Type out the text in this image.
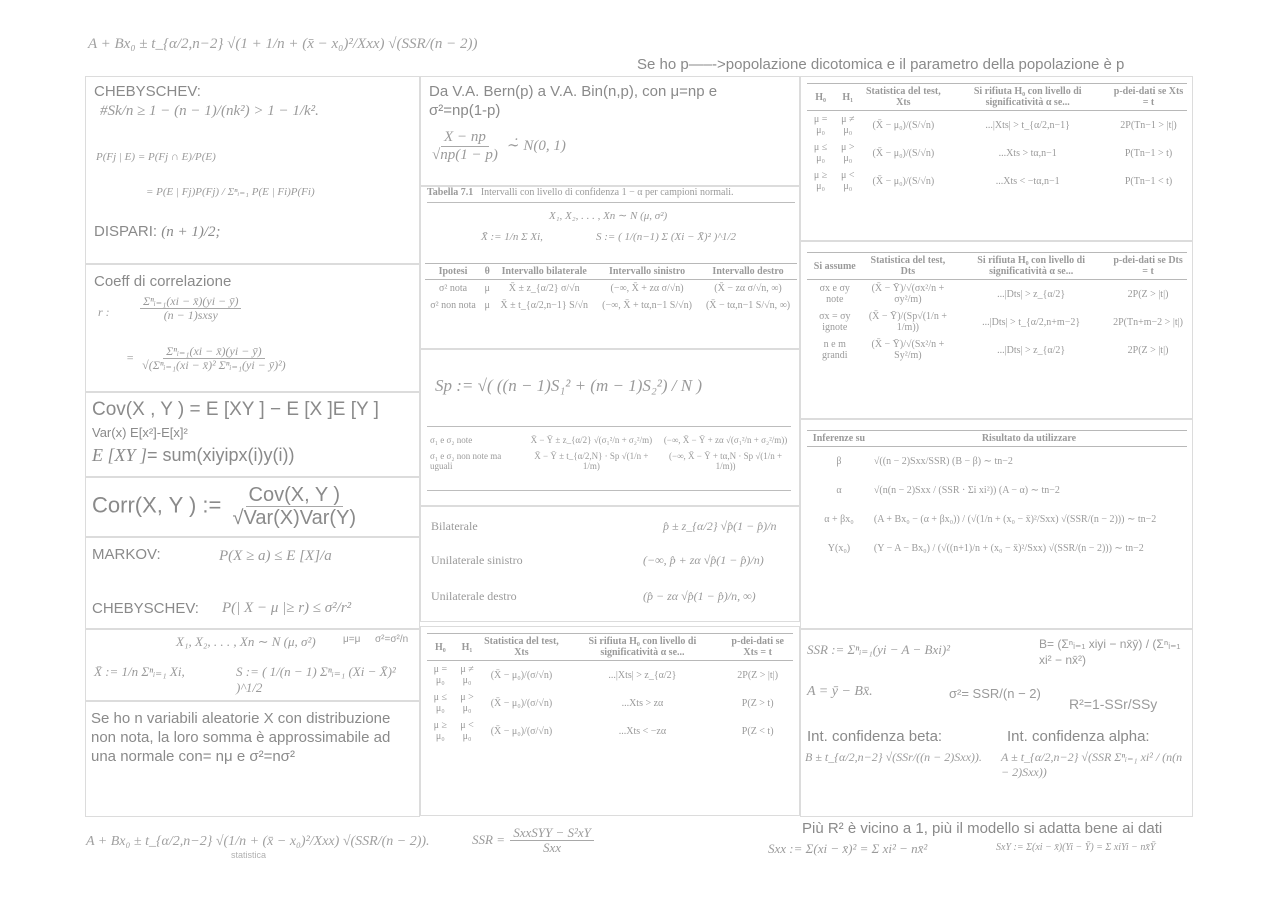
A + Bx₀ ± t_{α/2,n−2} √(1 + 1/n + (x̄ − x₀)²/Xxx) √(SSR/(n − 2))
Se ho p—–->popolazione dicotomica e il parametro della popolazione è p
CHEBYSCHEV:
#Sk/n ≥ 1 − (n − 1)/(nk²) > 1 − 1/k².
P(Fj | E) = P(Fj ∩ E)/P(E)
= P(E | Fj)P(Fj) / Σⁿᵢ₌₁ P(E | Fi)P(Fi)
DISPARI: (n + 1)/2;
Coeff di correlazione
r :
Σⁿᵢ₌₁(xi − x̄)(yi − ȳ)
(n − 1)sxsy
= Σⁿᵢ₌₁(xi − x̄)(yi − ȳ)
√(Σⁿᵢ₌₁(xi − x̄)² Σⁿᵢ₌₁(yi − ȳ)²)
Cov(X , Y ) = E [XY ] − E [X ]E [Y ]
Var(x) E[x²]-E[x]²
E [XY ]= sum(xiyipx(i)y(i))
Corr(X, Y ) := Cov(X, Y )
√Var(X)Var(Y)
MARKOV:	P(X ≥ a) ≤ E [X]/a
CHEBYSCHEV: P(| X − μ |≥ r) ≤ σ²/r²
X₁, X₂, . . . , Xn ∼ N (μ, σ²)	μ=μ σ²=σ²/n
X̄ := 1/n Σⁿᵢ₌₁ Xi,	S := ( 1/(n − 1) Σⁿᵢ₌₁ (Xi − X̄)² )^1/2
Se ho n variabili aleatorie X con distribuzione non nota, la loro somma è approssimabile ad una normale con= nμ e σ²=nσ²
A + Bx₀ ± t_{α/2,n−2} √(1/n + (x̄ − x₀)²/Xxx) √(SSR/(n − 2)).
statistica
Da V.A. Bern(p) a V.A. Bin(n,p), con μ=np e
σ²=np(1-p)
$\frac{X - np}{√np(1 - p)}$ ∼̇ N(0, 1)
Tabella 7.1 Intervalli con livello di confidenza 1 − α per campioni normali.
X₁, X₂, . . . , Xn ∼ N (μ, σ²)
X̄ := 1/n Σ Xi,	S := ( 1/(n−1) Σ (Xi − X̄)² )^1/2
Ipotesi	θ	Intervallo bilaterale	Intervallo sinistro	Intervallo destro
σ² nota	μ	X̄ ± z_{α/2} σ/√n	(−∞, X̄ + zα σ/√n)	(X̄ − zα σ/√n, ∞)
σ² non nota	μ	X̄ ± t_{α/2,n−1} S/√n	(−∞, X̄ + tα,n−1 S/√n)	(X̄ − tα,n−1 S/√n, ∞)
Sp := √( ((n − 1)S₁² + (m − 1)S₂²) / N )
σ₁ e σ₂ note	X̄ − Ȳ ± z_{α/2} √(σ₁²/n + σ₂²/m)	(−∞, X̄ − Ȳ + zα √(σ₁²/n + σ₂²/m))
σ₁ e σ₂ non note ma uguali	X̄ − Ȳ ± t_{α/2,N} · Sp √(1/n + 1/m)	(−∞, X̄ − Ȳ + tα,N · Sp √(1/n + 1/m))
Bilaterale	p̂ ± z_{α/2} √p̂(1 − p̂)/n
Unilaterale sinistro	(−∞, p̂ + zα √p̂(1 − p̂)/n)
Unilaterale destro	(p̂ − zα √p̂(1 − p̂)/n, ∞)
H₀	H₁	Statistica del test, Xts	Si rifiuta H₀ con livello di significatività α se...	p-dei-dati se Xts = t
μ = μ₀	μ ≠ μ₀	(X̄ − μ₀)/(σ/√n)	...|Xts| > z_{α/2}	2P(Z > |t|)
μ ≤ μ₀	μ > μ₀	(X̄ − μ₀)/(σ/√n)	...Xts > zα	P(Z > t)
μ ≥ μ₀	μ < μ₀	(X̄ − μ₀)/(σ/√n)	...Xts < −zα	P(Z < t)
SSR = SxxSYY − S²xY
Sxx
H₀	H₁	Statistica del test, Xts	Si rifiuta H₀ con livello di significatività α se...	p-dei-dati se Xts = t
μ = μ₀	μ ≠ μ₀	(X̄ − μ₀)/(S/√n)	...|Xts| > t_{α/2,n−1}	2P(Tn−1 > |t|)
μ ≤ μ₀	μ > μ₀	(X̄ − μ₀)/(S/√n)	...Xts > tα,n−1	P(Tn−1 > t)
μ ≥ μ₀	μ < μ₀	(X̄ − μ₀)/(S/√n)	...Xts < −tα,n−1	P(Tn−1 < t)
Si assume	Statistica del test, Dts	Si rifiuta H₀ con livello di significatività α se...	p-dei-dati se Dts = t
σx e σy note	(X̄ − Ȳ)/√(σx²/n + σy²/m)	...|Dts| > z_{α/2}	2P(Z > |t|)
σx = σy ignote	(X̄ − Ȳ)/(Sp√(1/n + 1/m))	...|Dts| > t_{α/2,n+m−2}	2P(Tn+m−2 > |t|)
n e m grandi	(X̄ − Ȳ)/√(Sx²/n + Sy²/m)	...|Dts| > z_{α/2}	2P(Z > |t|)
Inferenze su	Risultato da utilizzare
β	√((n − 2)Sxx/SSR) (B − β) ∼ tn−2
α	√(n(n − 2)Sxx / (SSR · Σi xi²)) (A − α) ∼ tn−2
α + βx₀	(A + Bx₀ − (α + βx₀)) / (√(1/n + (x₀ − x̄)²/Sxx) √(SSR/(n − 2))) ∼ tn−2
Y(x₀)	(Y − A − Bx₀) / (√((n+1)/n + (x₀ − x̄)²/Sxx) √(SSR/(n − 2))) ∼ tn−2
SSR := Σⁿᵢ₌₁(yi − A − Bxi)²	B= (Σⁿᵢ₌₁ xiyi − nx̄ȳ) / (Σⁿᵢ₌₁ xi² − nx̄²)
A = ȳ − Bx̄.	σ²= SSR/(n − 2)
R²=1-SSr/SSy
Int. confidenza beta:
B ± t_{α/2,n−2} √(SSr/((n − 2)Sxx)).
Int. confidenza alpha:
A ± t_{α/2,n−2} √(SSR Σⁿᵢ₌₁ xi² / (n(n − 2)Sxx))
Più R² è vicino a 1, più il modello si adatta bene ai dati
Sxx := Σ(xi − x̄)² = Σ xi² − nx̄²	SxY := Σ(xi − x̄)(Yi − Ȳ) = Σ xiYi − nx̄Ȳ
